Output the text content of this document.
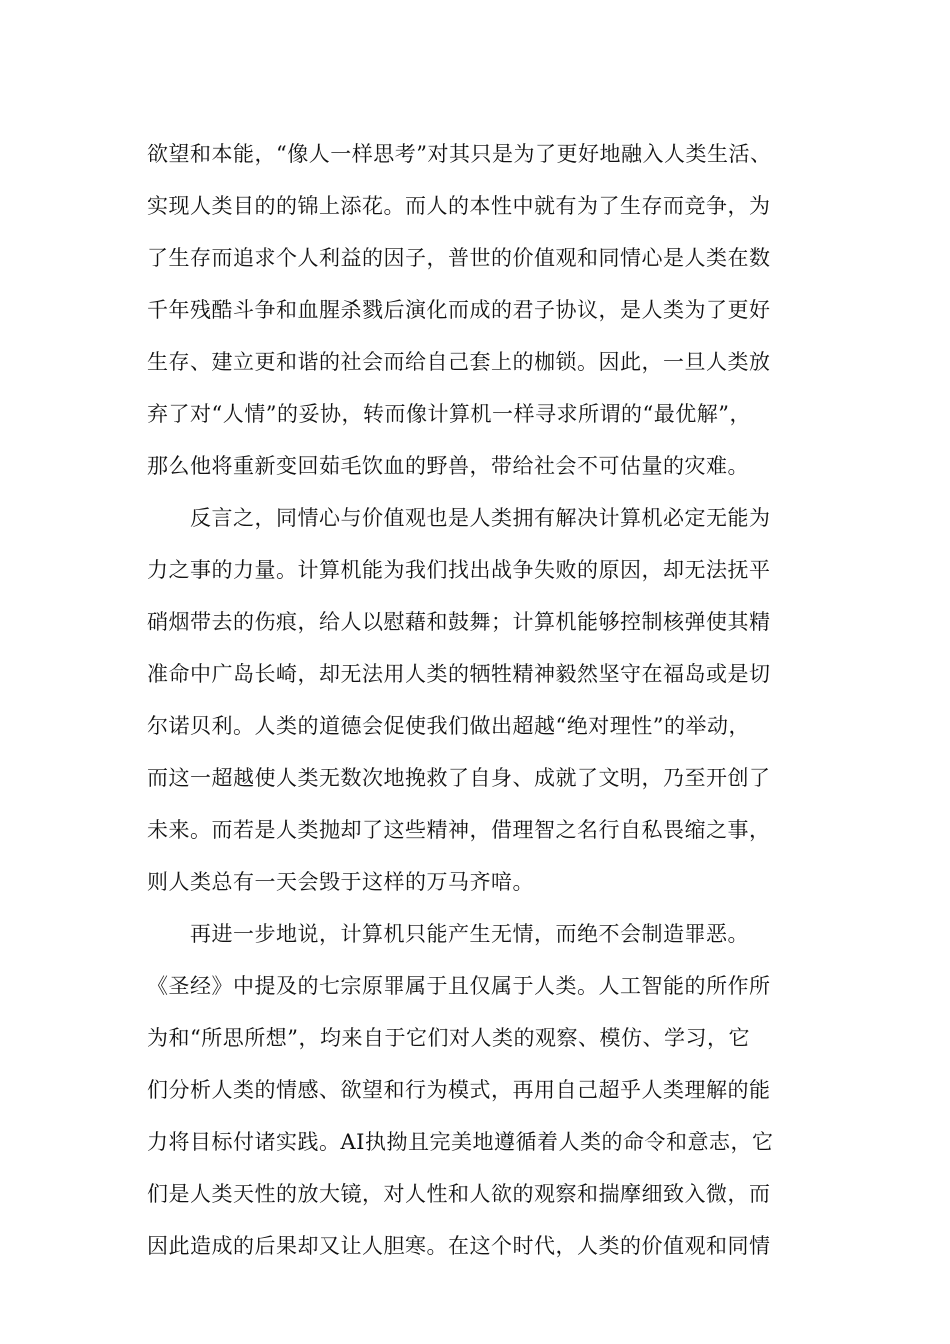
欲望和本能，“像人一样思考”对其只是为了更好地融入人类生活、
实现人类目的的锦上添花。而人的本性中就有为了生存而竞争，为
了生存而追求个人利益的因子，普世的价值观和同情心是人类在数
千年残酷斗争和血腥杀戮后演化而成的君子协议，是人类为了更好
生存、建立更和谐的社会而给自己套上的枷锁。因此，一旦人类放
弃了对“人情”的妥协，转而像计算机一样寻求所谓的“最优解”，
那么他将重新变回茹毛饮血的野兽，带给社会不可估量的灾难。
反言之，同情心与价值观也是人类拥有解决计算机必定无能为
力之事的力量。计算机能为我们找出战争失败的原因，却无法抚平
硝烟带去的伤痕，给人以慰藉和鼓舞；计算机能够控制核弹使其精
准命中广岛长崎，却无法用人类的牺牲精神毅然坚守在福岛或是切
尔诺贝利。人类的道德会促使我们做出超越“绝对理性”的举动，
而这一超越使人类无数次地挽救了自身、成就了文明，乃至开创了
未来。而若是人类抛却了这些精神，借理智之名行自私畏缩之事，
则人类总有一天会毁于这样的万马齐喑。
再进一步地说，计算机只能产生无情，而绝不会制造罪恶。
《圣经》中提及的七宗原罪属于且仅属于人类。人工智能的所作所
为和“所思所想”，均来自于它们对人类的观察、模仿、学习，它
们分析人类的情感、欲望和行为模式，再用自己超乎人类理解的能
力将目标付诸实践。AI执拗且完美地遵循着人类的命令和意志，它
们是人类天性的放大镜，对人性和人欲的观察和揣摩细致入微，而
因此造成的后果却又让人胆寒。在这个时代，人类的价值观和同情
